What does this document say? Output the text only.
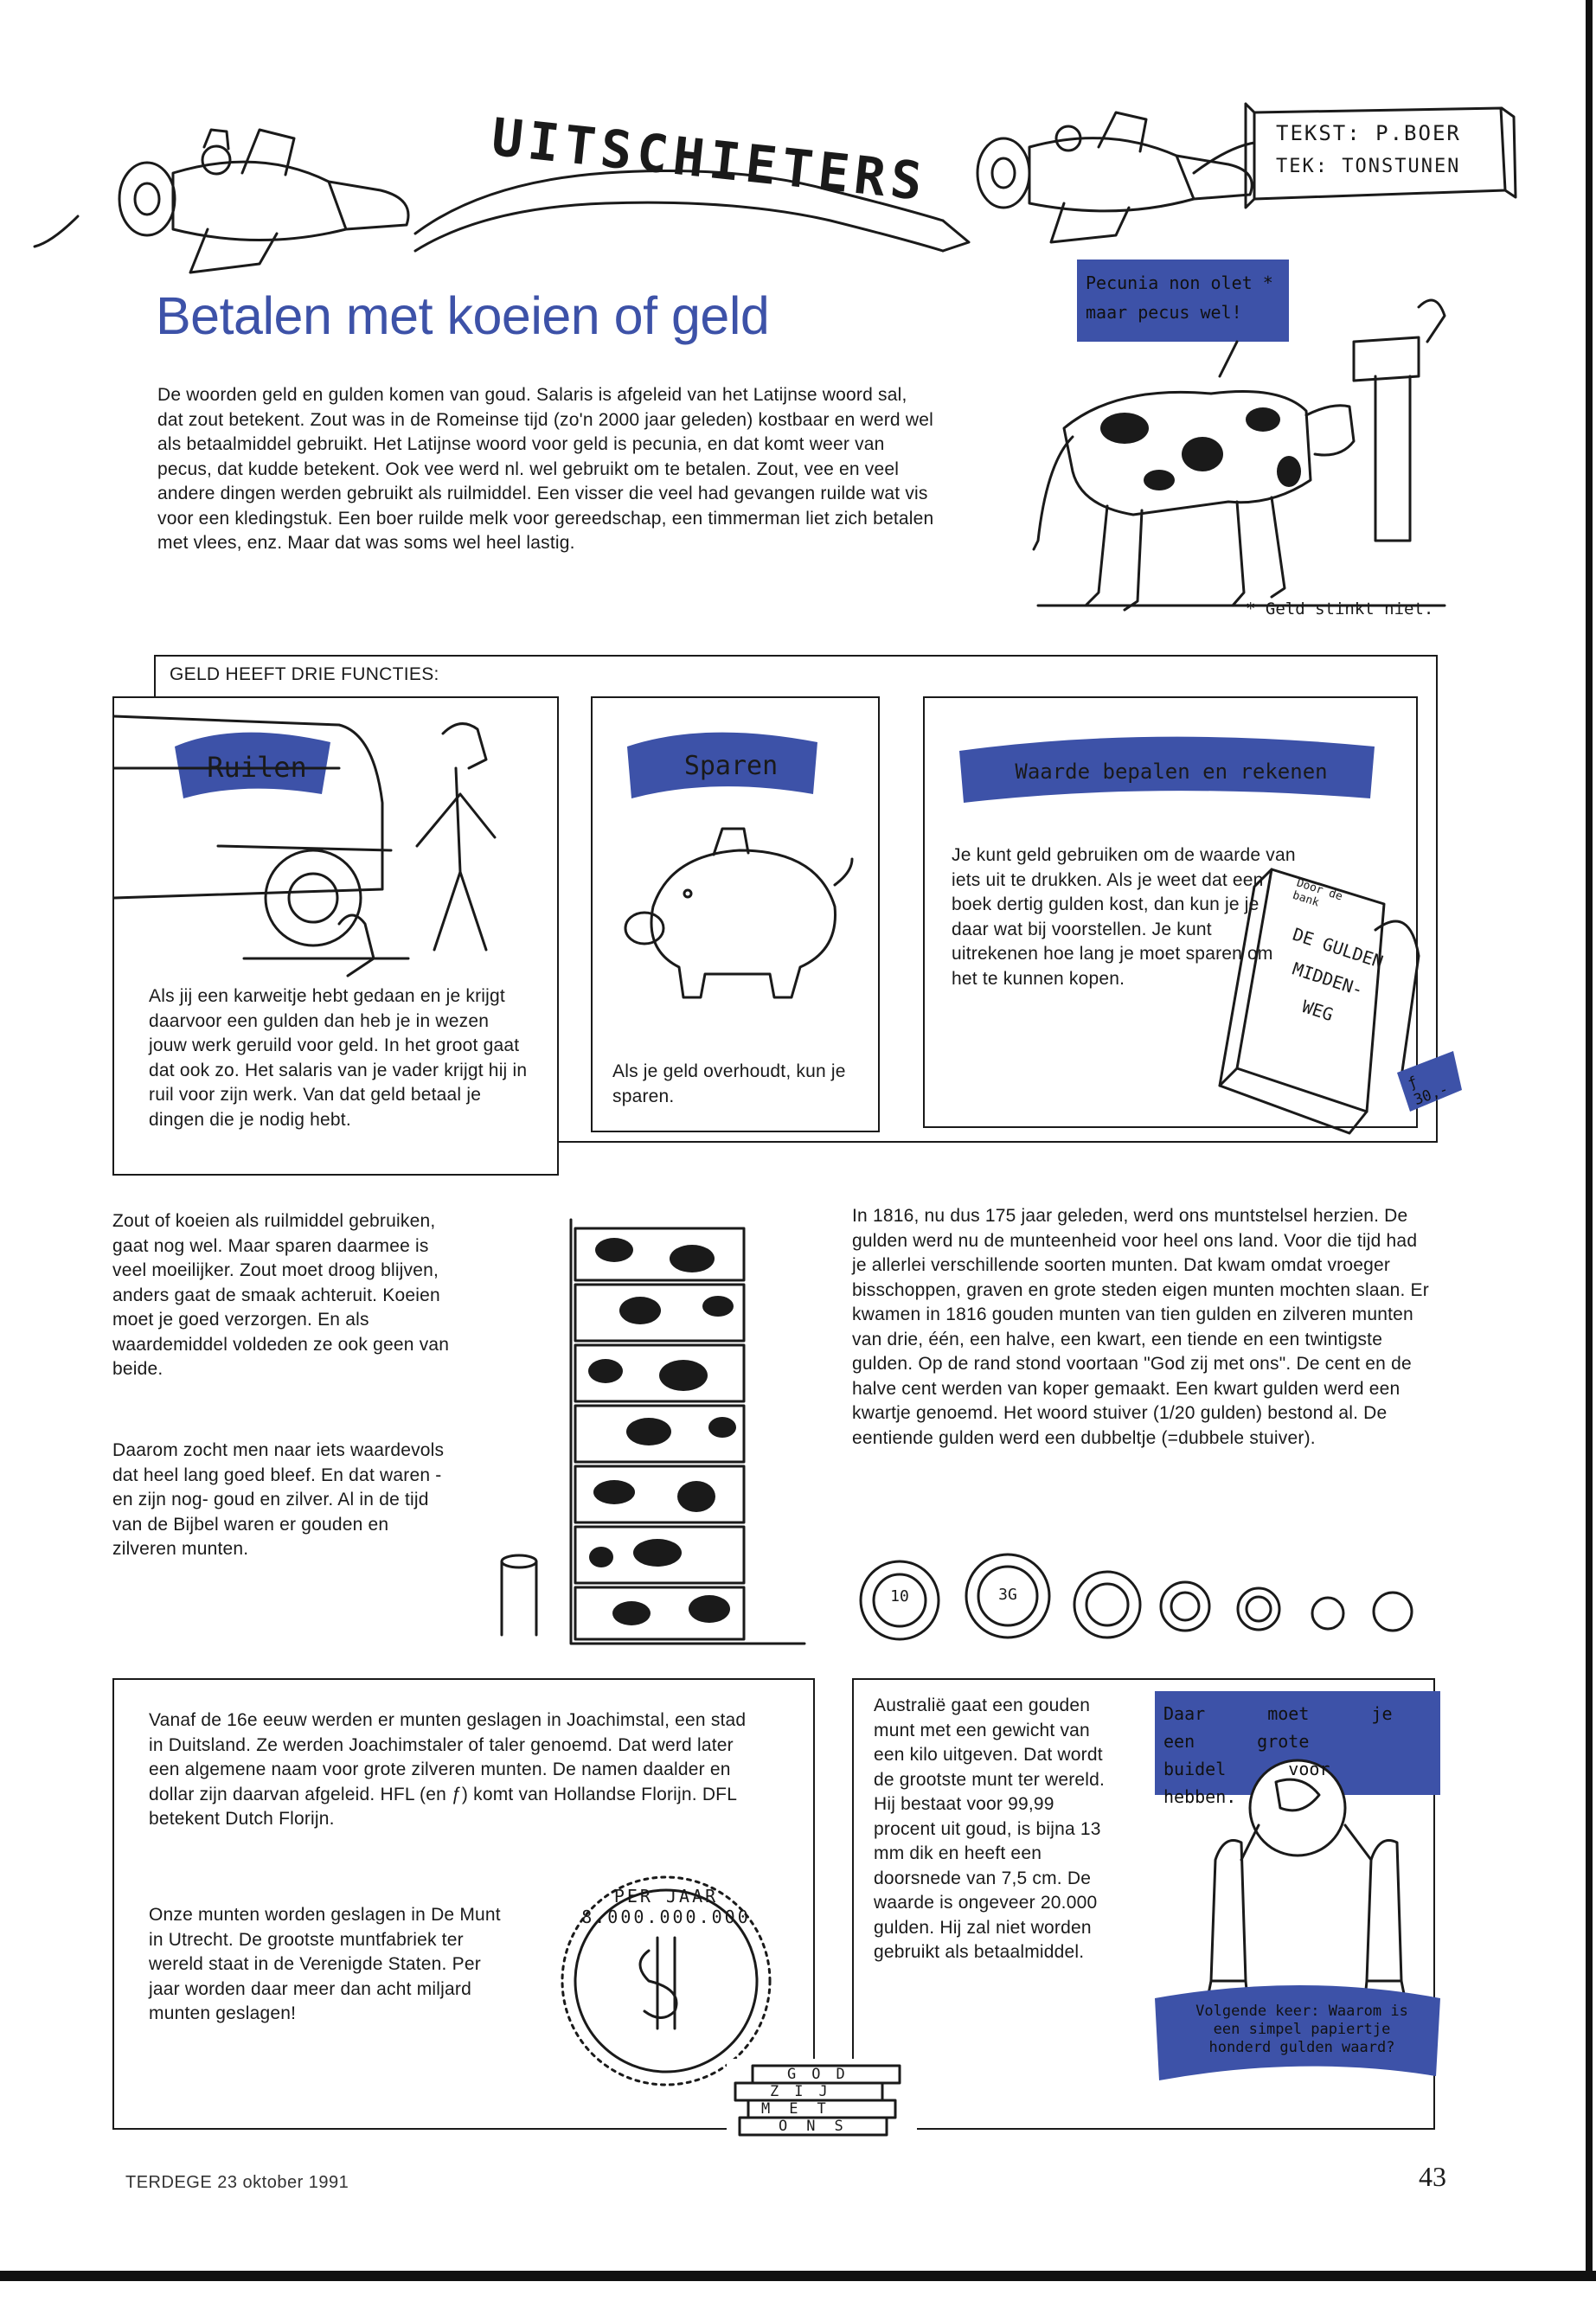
UITSCHIETERS	TEKST: P.BOER
TEK: TONSTUNEN
Betalen met koeien of geld

De woorden geld en gulden komen van goud. Salaris is afgeleid van het Latijnse woord sal, dat zout betekent. Zout was in de Romeinse tijd (zo'n 2000 jaar geleden) kostbaar en werd wel als betaalmiddel gebruikt. Het Latijnse woord voor geld is pecunia, en dat komt weer van pecus, dat kudde betekent. Ook vee werd nl. wel gebruikt om te betalen. Zout, vee en veel andere dingen werden gebruikt als ruilmiddel. Een visser die veel had gevangen ruilde wat vis voor een kledingstuk. Een boer ruilde melk voor gereedschap, een timmerman liet zich betalen met vlees, enz. Maar dat was soms wel heel lastig.

Pecunia non olet * maar pecus wel!
* Geld stinkt niet.
GELD HEEFT DRIE FUNCTIES:
Ruilen

Als jij een karweitje hebt gedaan en je krijgt daarvoor een gulden dan heb je in wezen jouw werk geruild voor geld. In het groot gaat dat ook zo. Het salaris van je vader krijgt hij in ruil voor zijn werk. Van dat geld betaal je dingen die je nodig hebt.

Sparen

Als je geld overhoudt, kun je sparen.

Waarde bepalen en rekenen

Je kunt geld gebruiken om de waarde van iets uit te drukken. Als je weet dat een boek dertig gulden kost, dan kun je je daar wat bij voorstellen. Je kunt uitrekenen hoe lang je moet sparen om het te kunnen kopen.

Door de bank
DE GULDEN MIDDEN-WEG
ƒ 30,-

Zout of koeien als ruilmiddel gebruiken, gaat nog wel. Maar sparen daarmee is veel moeilijker. Zout moet droog blijven, anders gaat de smaak achteruit. Koeien moet je goed verzorgen. En als waardemiddel voldeden ze ook geen van beide.

Daarom zocht men naar iets waardevols dat heel lang goed bleef. En dat waren -en zijn nog- goud en zilver. Al in de tijd van de Bijbel waren er gouden en zilveren munten.

In 1816, nu dus 175 jaar geleden, werd ons muntstelsel herzien. De gulden werd nu de munteenheid voor heel ons land. Voor die tijd had je allerlei verschillende soorten munten. Dat kwam omdat vroeger bisschoppen, graven en grote steden eigen munten mochten slaan. Er kwamen in 1816 gouden munten van tien gulden en zilveren munten van drie, één, een halve, een kwart, een tiende en een twintigste gulden. Op de rand stond voortaan "God zij met ons". De cent en de halve cent werden van koper gemaakt. Een kwart gulden werd een kwartje genoemd. Het woord stuiver (1/20 gulden) bestond al. De eentiende gulden werd een dubbeltje (=dubbele stuiver).

10	3G

Vanaf de 16e eeuw werden er munten geslagen in Joachimstal, een stad in Duitsland. Ze werden Joachimstaler of taler genoemd. Dat werd later een algemene naam voor grote zilveren munten. De namen daalder en dollar zijn daarvan afgeleid. HFL (en ƒ) komt van Hollandse Florijn. DFL betekent Dutch Florijn.

Onze munten worden geslagen in De Munt in Utrecht. De grootste muntfabriek ter wereld staat in de Verenigde Staten. Per jaar worden daar meer dan acht miljard munten geslagen!

PER JAAR 8.000.000.000
GOD
ZIJ
MET
ONS

Australië gaat een gouden munt met een gewicht van een kilo uitgeven. Dat wordt de grootste munt ter wereld. Hij bestaat voor 99,99 procent uit goud, is bijna 13 mm dik en heeft een doorsnede van 7,5 cm. De waarde is ongeveer 20.000 gulden. Hij zal niet worden gebruikt als betaalmiddel.

Daar moet je een grote buidel voor hebben.
Volgende keer: Waarom is een simpel papiertje honderd gulden waard?
TERDEGE 23 oktober 1991	43
